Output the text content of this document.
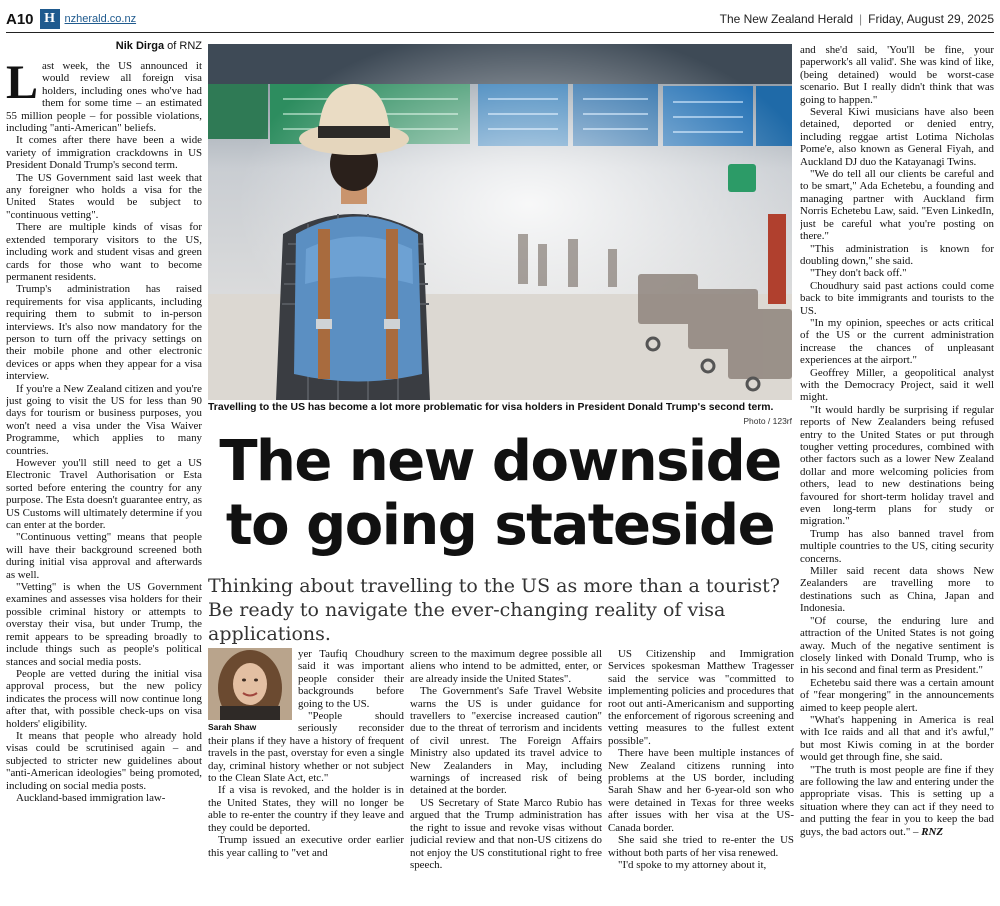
A10 H nzherald.co.nz	The New Zealand Herald | Friday, August 29, 2025
Nik Dirga of RNZ

Last week, the US announced it would review all foreign visa holders, including ones who've had them for some time – an estimated 55 million people – for possible violations, including "anti-American" beliefs.

It comes after there have been a wide variety of immigration crackdowns in US President Donald Trump's second term.

The US Government said last week that any foreigner who holds a visa for the United States would be subject to "continuous vetting".

There are multiple kinds of visas for extended temporary visitors to the US, including work and student visas and green cards for those who want to become permanent residents.

Trump's administration has raised requirements for visa applicants, including requiring them to submit to in-person interviews. It's also now mandatory for the person to turn off the privacy settings on their mobile phone and other electronic devices or apps when they appear for a visa interview.

If you're a New Zealand citizen and you're just going to visit the US for less than 90 days for tourism or business purposes, you won't need a visa under the Visa Waiver Programme, which applies to many countries.

However you'll still need to get a US Electronic Travel Authorisation or Esta sorted before entering the country for any purpose. The Esta doesn't guarantee entry, as US Customs will ultimately determine if you can enter at the border.

"Continuous vetting" means that people will have their background screened both during initial visa approval and afterwards as well.

"Vetting" is when the US Government examines and assesses visa holders for their possible criminal history or attempts to overstay their visa, but under Trump, the remit appears to be spreading broadly to include things such as people's political stances and social media posts.

People are vetted during the initial visa approval process, but the new policy indicates the process will now continue long after that, with possible check-ups on visa holders' eligibility.

It means that people who already hold visas could be scrutinised again – and subjected to stricter new guidelines about "anti-American ideologies" being promoted, including on social media posts.

Auckland-based immigration law-

Travelling to the US has become a lot more problematic for visa holders in President Donald Trump's second term.
Photo / 123rf
The new downside
to going stateside
Thinking about travelling to the US as more than a tourist? Be ready to navigate the ever-changing reality of visa applications.
Sarah Shaw

yer Taufiq Choudhury said it was important people consider their backgrounds before going to the US.

"People should seriously reconsider their plans if they have a history of frequent travels in the past, overstay for even a single day, criminal history whether or not subject to the Clean Slate Act, etc."

If a visa is revoked, and the holder is in the United States, they will no longer be able to re-enter the country if they leave and they could be deported.

Trump issued an executive order earlier this year calling to "vet and

screen to the maximum degree possible all aliens who intend to be admitted, enter, or are already inside the United States".

The Government's Safe Travel Website warns the US is under guidance for travellers to "exercise increased caution" due to the threat of terrorism and incidents of civil unrest. The Foreign Affairs Ministry also updated its travel advice to New Zealanders in May, including warnings of increased risk of being detained at the border.

US Secretary of State Marco Rubio has argued that the Trump administration has the right to issue and revoke visas without judicial review and that non-US citizens do not enjoy the US constitutional right to free speech.

US Citizenship and Immigration Services spokesman Matthew Tragesser said the service was "committed to implementing policies and procedures that root out anti-Americanism and supporting the enforcement of rigorous screening and vetting measures to the fullest extent possible".

There have been multiple instances of New Zealand citizens running into problems at the US border, including Sarah Shaw and her 6-year-old son who were detained in Texas for three weeks after issues with her visa at the US-Canada border.

She said she tried to re-enter the US without both parts of her visa renewed.

"I'd spoke to my attorney about it,

and she'd said, 'You'll be fine, your paperwork's all valid'. She was kind of like, (being detained) would be worst-case scenario. But I really didn't think that was going to happen."

Several Kiwi musicians have also been detained, deported or denied entry, including reggae artist Lotima Nicholas Pome'e, also known as General Fiyah, and Auckland DJ duo the Katayanagi Twins.

"We do tell all our clients be careful and to be smart," Ada Echetebu, a founding and managing partner with Auckland firm Norris Echetebu Law, said. "Even LinkedIn, just be careful what you're posting on there."

"This administration is known for doubling down," she said.

"They don't back off."

Choudhury said past actions could come back to bite immigrants and tourists to the US.

"In my opinion, speeches or acts critical of the US or the current administration increase the chances of unpleasant experiences at the airport."

Geoffrey Miller, a geopolitical analyst with the Democracy Project, said it well might.

"It would hardly be surprising if regular reports of New Zealanders being refused entry to the United States or put through tougher vetting procedures, combined with other factors such as a lower New Zealand dollar and more welcoming policies from others, lead to new destinations being favoured for short-term holiday travel and even long-term plans for study or migration."

Trump has also banned travel from multiple countries to the US, citing security concerns.

Miller said recent data shows New Zealanders are travelling more to destinations such as China, Japan and Indonesia.

"Of course, the enduring lure and attraction of the United States is not going away. Much of the negative sentiment is closely linked with Donald Trump, who is in his second and final term as President."

Echetebu said there was a certain amount of "fear mongering" in the announcements aimed to keep people alert.

"What's happening in America is real with Ice raids and all that and it's awful," but most Kiwis coming in at the border would get through fine, she said.

"The truth is most people are fine if they are following the law and entering under the appropriate visas. This is setting up a situation where they can act if they need to and putting the fear in you to keep the bad guys, the bad actors out." – RNZ
